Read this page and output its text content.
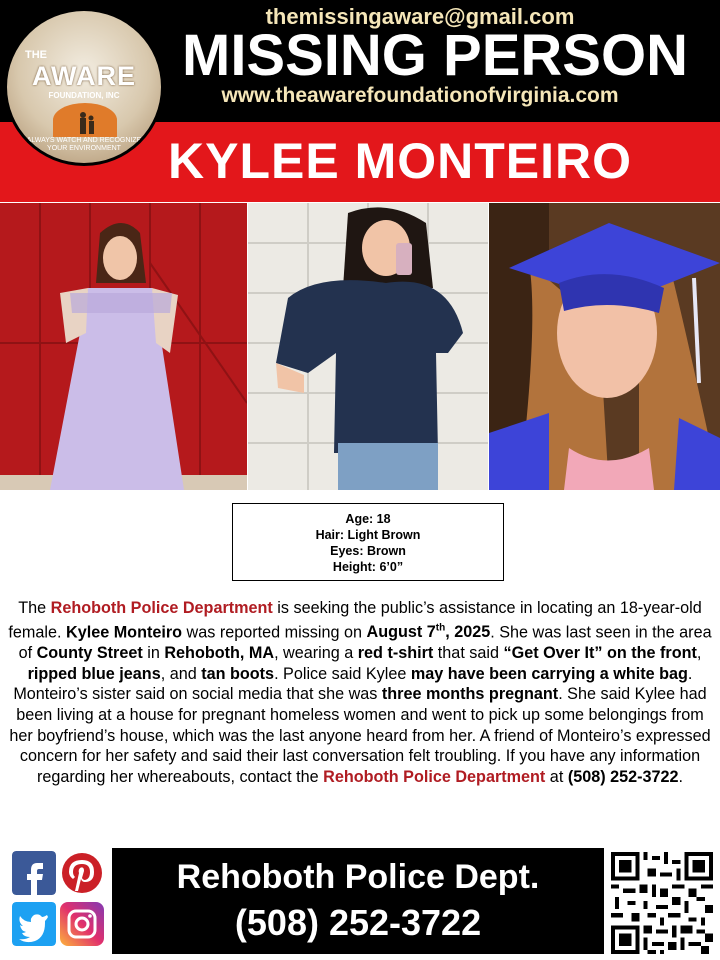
themissingaware@gmail.com
MISSING PERSON
www.theawarefoundationofvirginia.com
KYLEE MONTEIRO
THE
AWARE
FOUNDATION, INC
ALWAYS WATCH AND RECOGNIZE
YOUR ENVIRONMENT
Age: 18
Hair: Light Brown
Eyes: Brown
Height: 6’0”
The Rehoboth Police Department is seeking the public’s assistance in locating an 18-year-old female. Kylee Monteiro was reported missing on August 7th, 2025. She was last seen in the area of County Street in Rehoboth, MA, wearing a red t-shirt that said “Get Over It” on the front, ripped blue jeans, and tan boots. Police said Kylee may have been carrying a white bag. Monteiro’s sister said on social media that she was three months pregnant. She said Kylee had been living at a house for pregnant homeless women and went to pick up some belongings from her boyfriend’s house, which was the last anyone heard from her. A friend of Monteiro’s expressed concern for her safety and said their last conversation felt troubling. If you have any information regarding her whereabouts, contact the Rehoboth Police Department at (508) 252-3722.
Rehoboth Police Dept.
(508) 252-3722
